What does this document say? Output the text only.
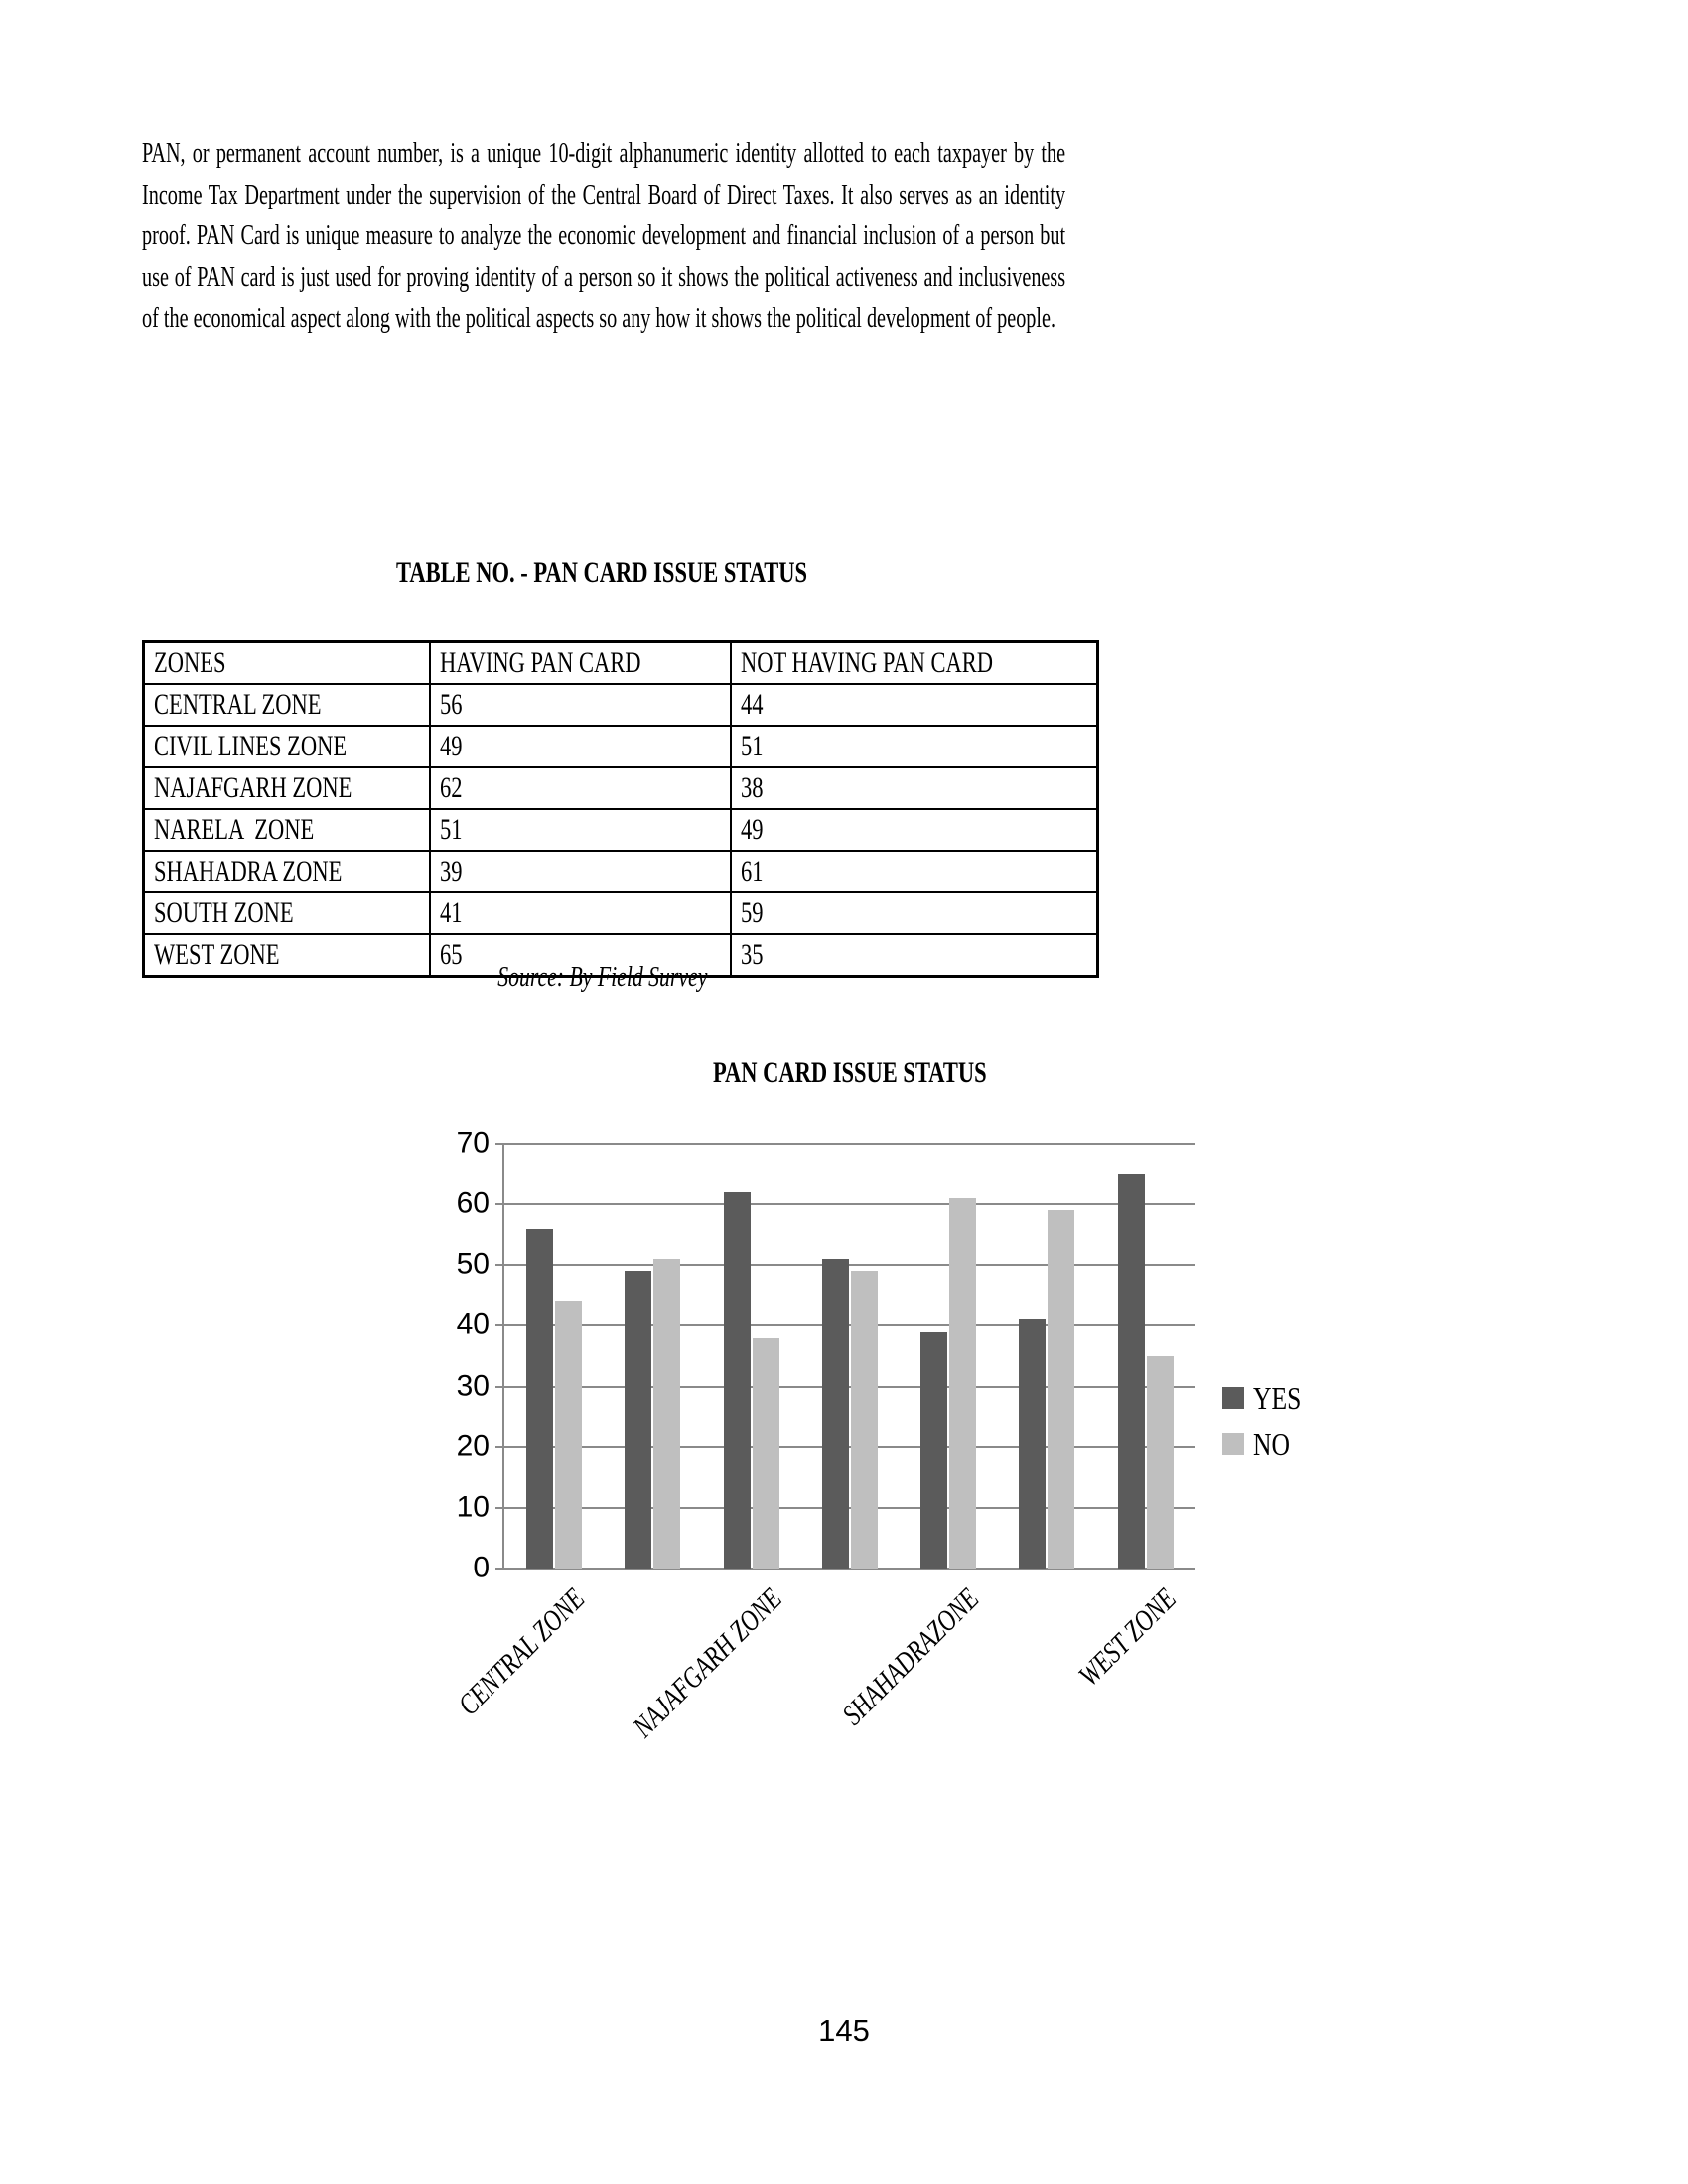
PAN, or permanent account number, is a unique 10-digit alphanumeric identity allotted to each taxpayer by the Income Tax Department under the supervision of the Central Board of Direct Taxes. It also serves as an identity proof. PAN Card is unique measure to analyze the economic development and financial inclusion of a person but use of PAN card is just used for proving identity of a person so it shows the political activeness and inclusiveness of the economical aspect along with the political aspects so any how it shows the political development of people.
TABLE NO. - PAN CARD ISSUE STATUS
ZONES	HAVING PAN CARD	NOT HAVING PAN CARD
CENTRAL ZONE	56	44
CIVIL LINES ZONE	49	51
NAJAFGARH ZONE	62	38
NARELA  ZONE	51	49
SHAHADRA ZONE	39	61
SOUTH ZONE	41	59
WEST ZONE	65	35
Source: By Field Survey
PAN CARD ISSUE STATUS
0
10
20
30
40
50
60
70
CENTRAL ZONE NAJAFGARH ZONE SHAHADRAZONE	WEST ZONE
YES
NO
145
